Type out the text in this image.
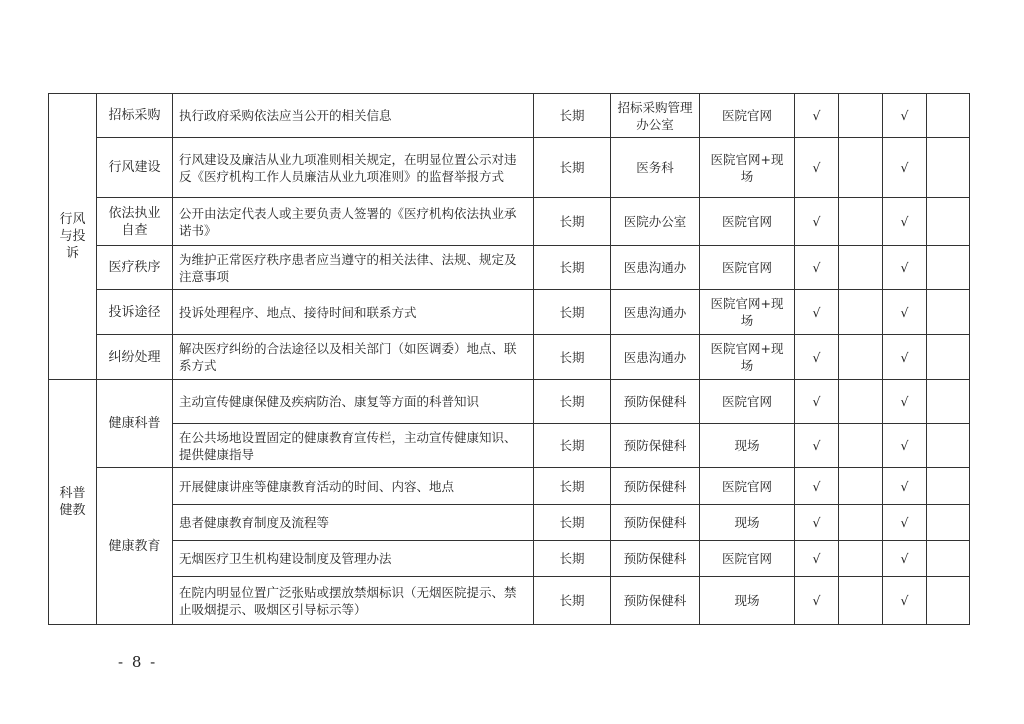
行风与投诉	招标采购	执行政府采购依法应当公开的相关信息	长期	招标采购管理办公室	医院官网	√		√	
	行风建设	行风建设及廉洁从业九项准则相关规定，在明显位置公示对违反《医疗机构工作人员廉洁从业九项准则》的监督举报方式	长期	医务科	医院官网+现场	√		√	
	依法执业自查	公开由法定代表人或主要负责人签署的《医疗机构依法执业承诺书》	长期	医院办公室	医院官网	√		√	
	医疗秩序	为维护正常医疗秩序患者应当遵守的相关法律、法规、规定及注意事项	长期	医患沟通办	医院官网	√		√	
	投诉途径	投诉处理程序、地点、接待时间和联系方式	长期	医患沟通办	医院官网+现场	√		√	
	纠纷处理	解决医疗纠纷的合法途径以及相关部门（如医调委）地点、联系方式	长期	医患沟通办	医院官网+现场	√		√	
科普健教	健康科普	主动宣传健康保健及疾病防治、康复等方面的科普知识	长期	预防保健科	医院官网	√		√	
		在公共场地设置固定的健康教育宣传栏，主动宣传健康知识、提供健康指导	长期	预防保健科	现场	√		√	
	健康教育	开展健康讲座等健康教育活动的时间、内容、地点	长期	预防保健科	医院官网	√		√	
		患者健康教育制度及流程等	长期	预防保健科	现场	√		√	
		无烟医疗卫生机构建设制度及管理办法	长期	预防保健科	医院官网	√		√	
		在院内明显位置广泛张贴或摆放禁烟标识（无烟医院提示、禁止吸烟提示、吸烟区引导标示等）	长期	预防保健科	现场	√		√	
- 8 -
